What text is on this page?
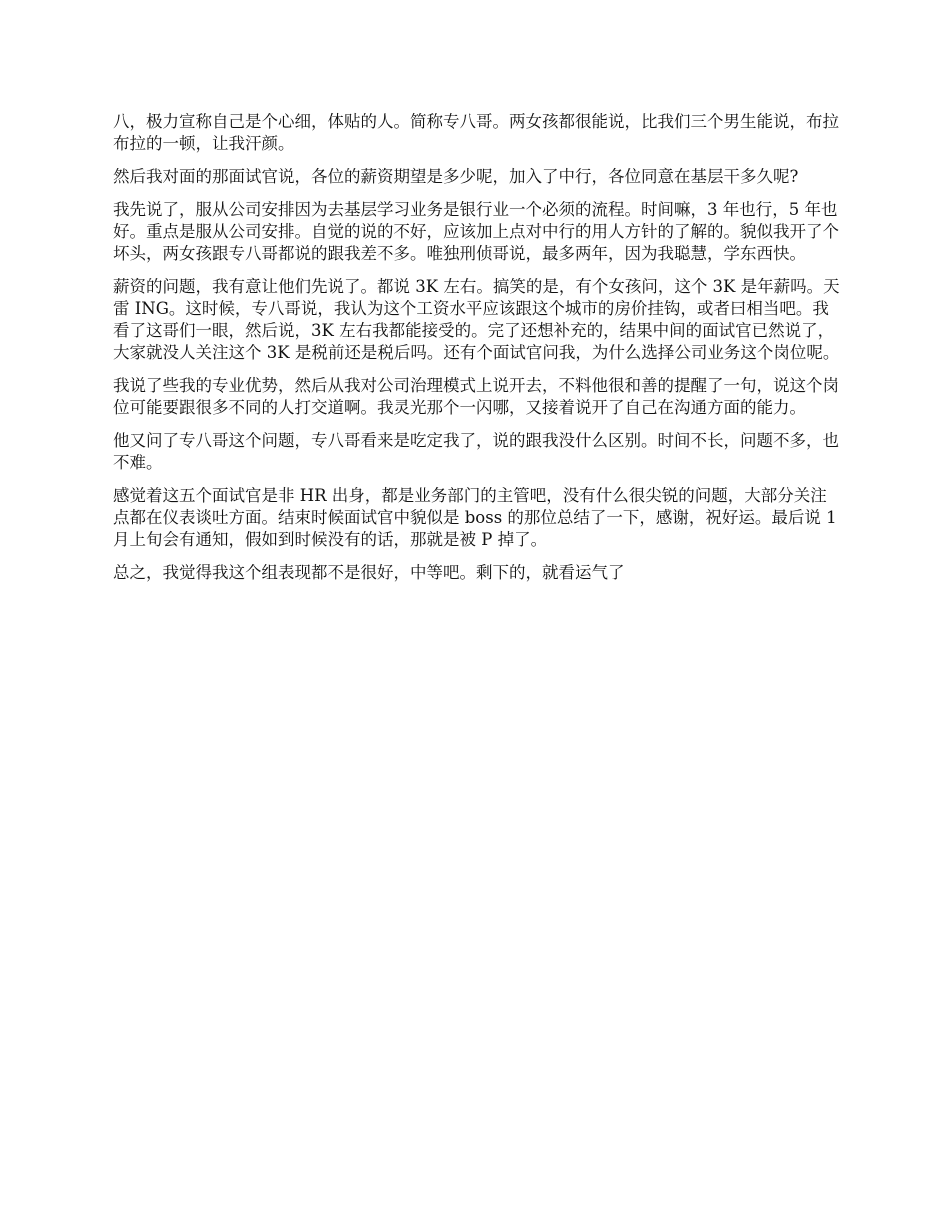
八，极力宣称自己是个心细，体贴的人。简称专八哥。两女孩都很能说，比我们三个男生能说，布拉布拉的一顿，让我汗颜。

然后我对面的那面试官说，各位的薪资期望是多少呢，加入了中行，各位同意在基层干多久呢?

我先说了，服从公司安排因为去基层学习业务是银行业一个必须的流程。时间嘛，3 年也行，5 年也好。重点是服从公司安排。自觉的说的不好，应该加上点对中行的用人方针的了解的。貌似我开了个坏头，两女孩跟专八哥都说的跟我差不多。唯独刑侦哥说，最多两年，因为我聪慧，学东西快。

薪资的问题，我有意让他们先说了。都说 3K 左右。搞笑的是，有个女孩问，这个 3K 是年薪吗。天雷 ING。这时候，专八哥说，我认为这个工资水平应该跟这个城市的房价挂钩，或者曰相当吧。我看了这哥们一眼，然后说，3K 左右我都能接受的。完了还想补充的，结果中间的面试官已然说了，大家就没人关注这个 3K 是税前还是税后吗。还有个面试官问我，为什么选择公司业务这个岗位呢。

我说了些我的专业优势，然后从我对公司治理模式上说开去，不料他很和善的提醒了一句，说这个岗位可能要跟很多不同的人打交道啊。我灵光那个一闪哪，又接着说开了自己在沟通方面的能力。

他又问了专八哥这个问题，专八哥看来是吃定我了，说的跟我没什么区别。时间不长，问题不多，也不难。

感觉着这五个面试官是非 HR 出身，都是业务部门的主管吧，没有什么很尖锐的问题，大部分关注点都在仪表谈吐方面。结束时候面试官中貌似是 boss 的那位总结了一下，感谢，祝好运。最后说 1 月上旬会有通知，假如到时候没有的话，那就是被 P 掉了。

总之，我觉得我这个组表现都不是很好，中等吧。剩下的，就看运气了
